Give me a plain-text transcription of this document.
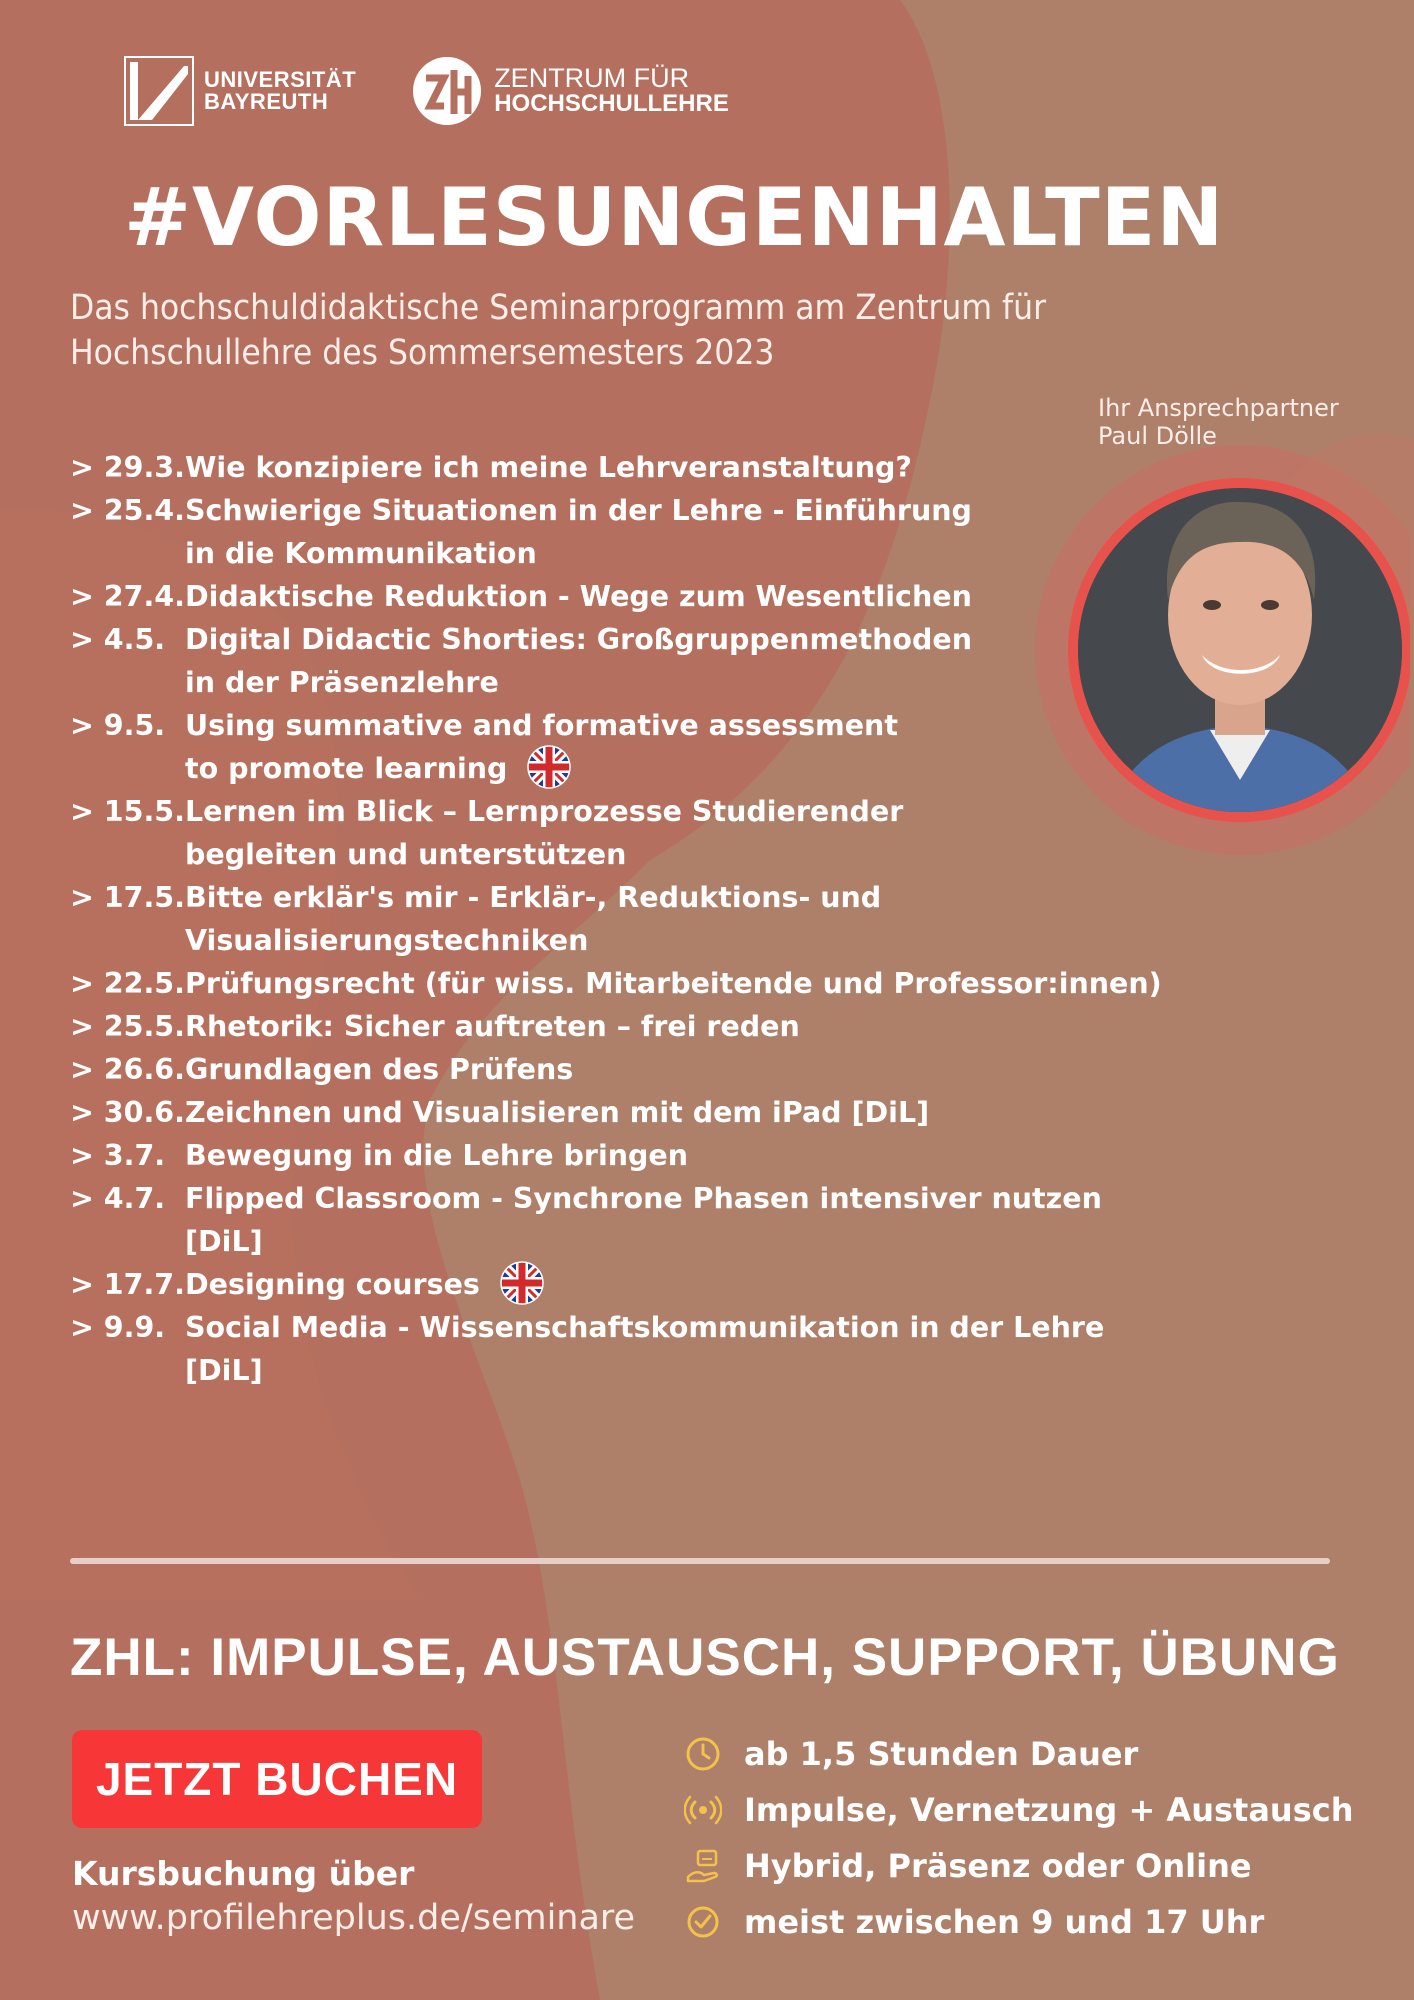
UNIVERSITÄT
BAYREUTH
ZENTRUM FÜR
HOCHSCHULLEHRE
#VORLESUNGENHALTEN
Das hochschuldidaktische Seminarprogramm am Zentrum für Hochschullehre des Sommersemesters 2023
Ihr Ansprechpartner
Paul Dölle
> 29.3. Wie konzipiere ich meine Lehrveranstaltung?
> 25.4. Schwierige Situationen in der Lehre - Einführung
in die Kommunikation
> 27.4. Didaktische Reduktion - Wege zum Wesentlichen
> 4.5. Digital Didactic Shorties: Großgruppenmethoden
in der Präsenzlehre
> 9.5. Using summative and formative assessment
to promote learning
> 15.5. Lernen im Blick – Lernprozesse Studierender
begleiten und unterstützen
> 17.5. Bitte erklär's mir - Erklär-, Reduktions- und
Visualisierungstechniken
> 22.5. Prüfungsrecht (für wiss. Mitarbeitende und Professor:innen)
> 25.5. Rhetorik: Sicher auftreten – frei reden
> 26.6. Grundlagen des Prüfens
> 30.6. Zeichnen und Visualisieren mit dem iPad [DiL]
> 3.7. Bewegung in die Lehre bringen
> 4.7. Flipped Classroom - Synchrone Phasen intensiver nutzen [DiL]
> 17.7. Designing courses
> 9.9. Social Media - Wissenschaftskommunikation in der Lehre [DiL]
ZHL: IMPULSE, AUSTAUSCH, SUPPORT, ÜBUNG
JETZT BUCHEN
Kursbuchung über
www.profilehreplus.de/seminare
ab 1,5 Stunden Dauer
Impulse, Vernetzung + Austausch
Hybrid, Präsenz oder Online
meist zwischen 9 und 17 Uhr
